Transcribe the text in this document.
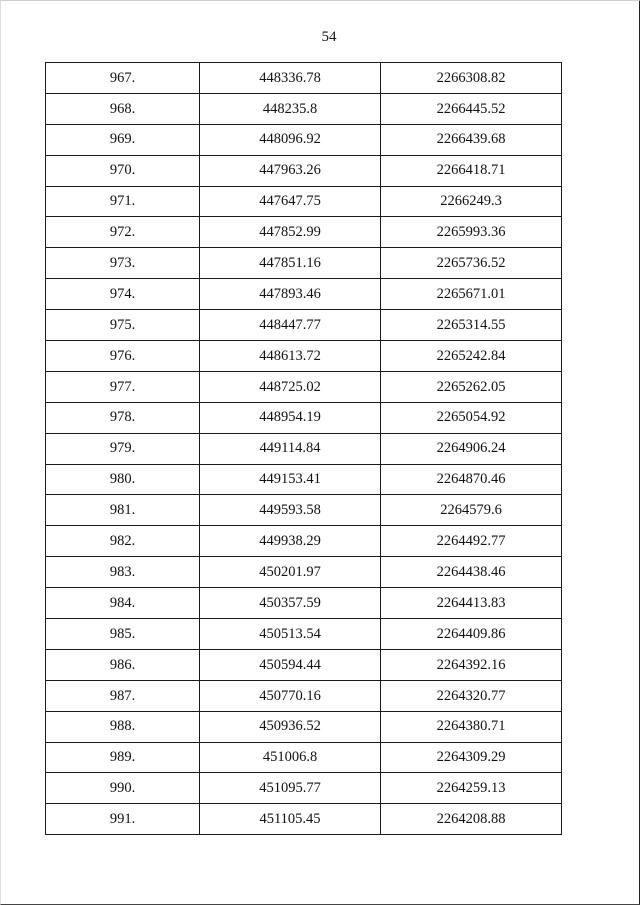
54
967.	448336.78	2266308.82
968.	448235.8	2266445.52
969.	448096.92	2266439.68
970.	447963.26	2266418.71
971.	447647.75	2266249.3
972.	447852.99	2265993.36
973.	447851.16	2265736.52
974.	447893.46	2265671.01
975.	448447.77	2265314.55
976.	448613.72	2265242.84
977.	448725.02	2265262.05
978.	448954.19	2265054.92
979.	449114.84	2264906.24
980.	449153.41	2264870.46
981.	449593.58	2264579.6
982.	449938.29	2264492.77
983.	450201.97	2264438.46
984.	450357.59	2264413.83
985.	450513.54	2264409.86
986.	450594.44	2264392.16
987.	450770.16	2264320.77
988.	450936.52	2264380.71
989.	451006.8	2264309.29
990.	451095.77	2264259.13
991.	451105.45	2264208.88
